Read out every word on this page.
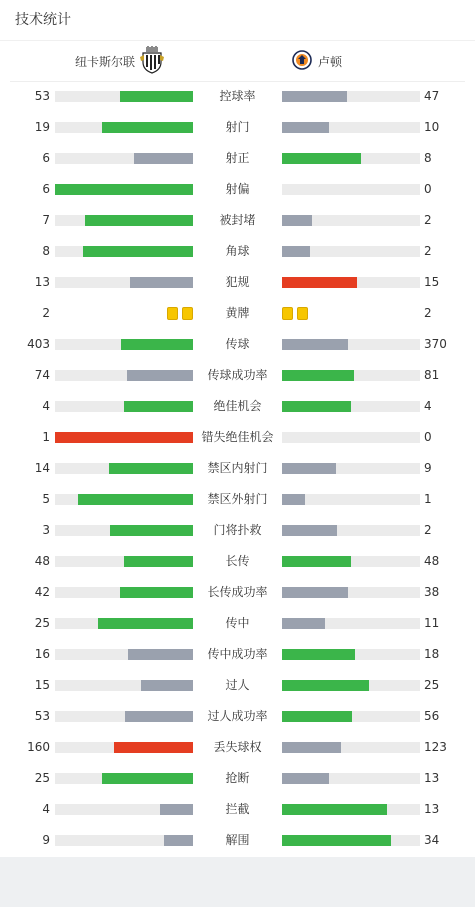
技术统计
纽卡斯尔联	卢顿
53	控球率	47
19	射门	10
6	射正	8
6	射偏	0
7	被封堵	2
8	角球	2
13	犯规	15
2	黄牌	2
403	传球	370
74	传球成功率	81
4	绝佳机会	4
1	错失绝佳机会	0
14	禁区内射门	9
5	禁区外射门	1
3	门将扑救	2
48	长传	48
42	长传成功率	38
25	传中	11
16	传中成功率	18
15	过人	25
53	过人成功率	56
160	丢失球权	123
25	抢断	13
4	拦截	13
9	解围	34
